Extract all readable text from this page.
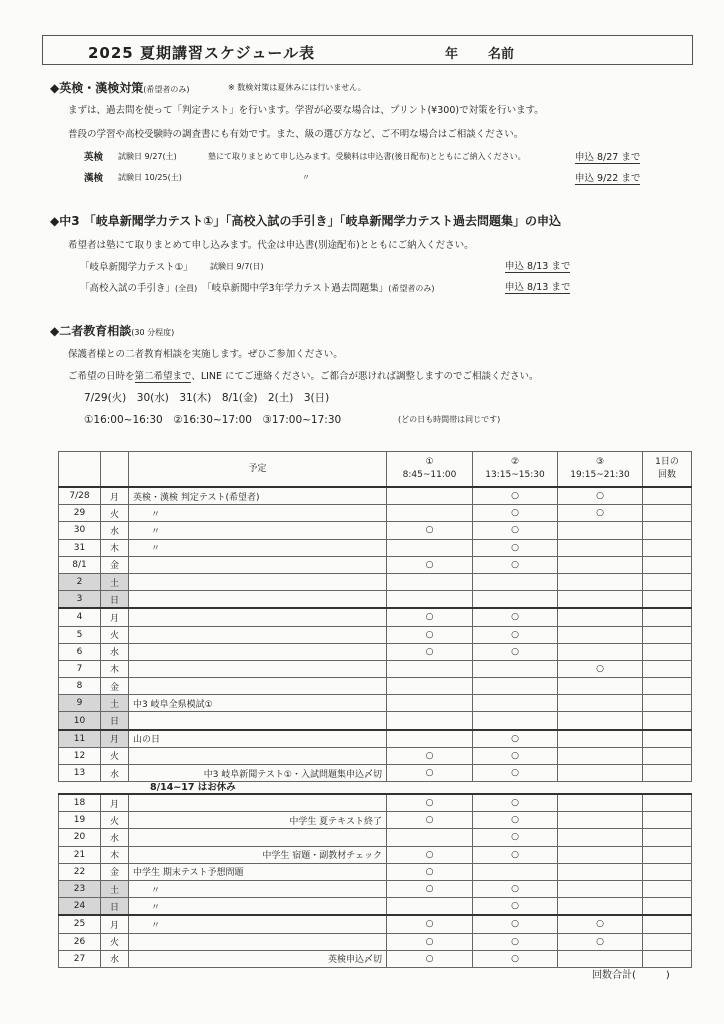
2025 夏期講習スケジュール表	年 名前
◆英検・漢検対策(希望者のみ)	※ 数検対策は夏休みには行いません。
まずは、過去問を使って「判定テスト」を行います。学習が必要な場合は、プリント(¥300)で対策を行います。
普段の学習や高校受験時の調査書にも有効です。また、級の選び方など、ご不明な場合はご相談ください。
英検 試験日 9/27(土)	塾にて取りまとめて申し込みます。受験料は申込書(後日配布)とともにご納入ください。	申込 8/27 まで
漢検 試験日 10/25(土)	〃	申込 9/22 まで
◆中3 「岐阜新聞学力テスト①」「高校入試の手引き」「岐阜新聞学力テスト過去問題集」の申込
希望者は塾にて取りまとめて申し込みます。代金は申込書(別途配布)とともにご納入ください。
「岐阜新聞学力テスト①」 試験日 9/7(日)	申込 8/13 まで
「高校入試の手引き」(全員)　 「岐阜新聞中学3年学力テスト過去問題集」(希望者のみ)	申込 8/13 まで
◆二者教育相談(30 分程度)
保護者様との二者教育相談を実施します。ぜひご参加ください。
ご希望の日時を第二希望まで、LINE にてご連絡ください。ご都合が悪ければ調整しますのでご相談ください。
7/29(火)　30(水)　31(木)　8/1(金)　2(土)　3(日)
①16:00~16:30　②16:30~17:00　③17:00~17:30	(どの日も時間帯は同じです)
		予定	①
8:45~11:00	②
13:15~15:30	③
19:15~21:30	1日の
回数
7/28	月	英検・漢検 判定テスト(希望者)		○	○	
29	火	　　〃		○	○	
30	水	　　〃	○	○		
31	木	　　〃		○		
8/1	金		○	○		
2	土					
3	日					
4	月		○	○		
5	火		○	○		
6	水		○	○		
7	木				○	
8	金					
9	土	中3 岐阜全県模試①				
10	日					
11	月	山の日		○		
12	火		○	○		
13	水	中3 岐阜新聞テスト①・入試問題集申込〆切	○	○		
8/14~17 はお休み
18	月		○	○		
19	火	中学生 夏テキスト終了	○	○		
20	水			○		
21	木	中学生 宿題・副教材チェック	○	○		
22	金	中学生 期末テスト予想問題	○			
23	土	　　〃	○	○		
24	日	　　〃		○		
25	月	　　〃	○	○	○	
26	火		○	○	○	
27	水	英検申込〆切	○	○		
回数合計(　　　)
